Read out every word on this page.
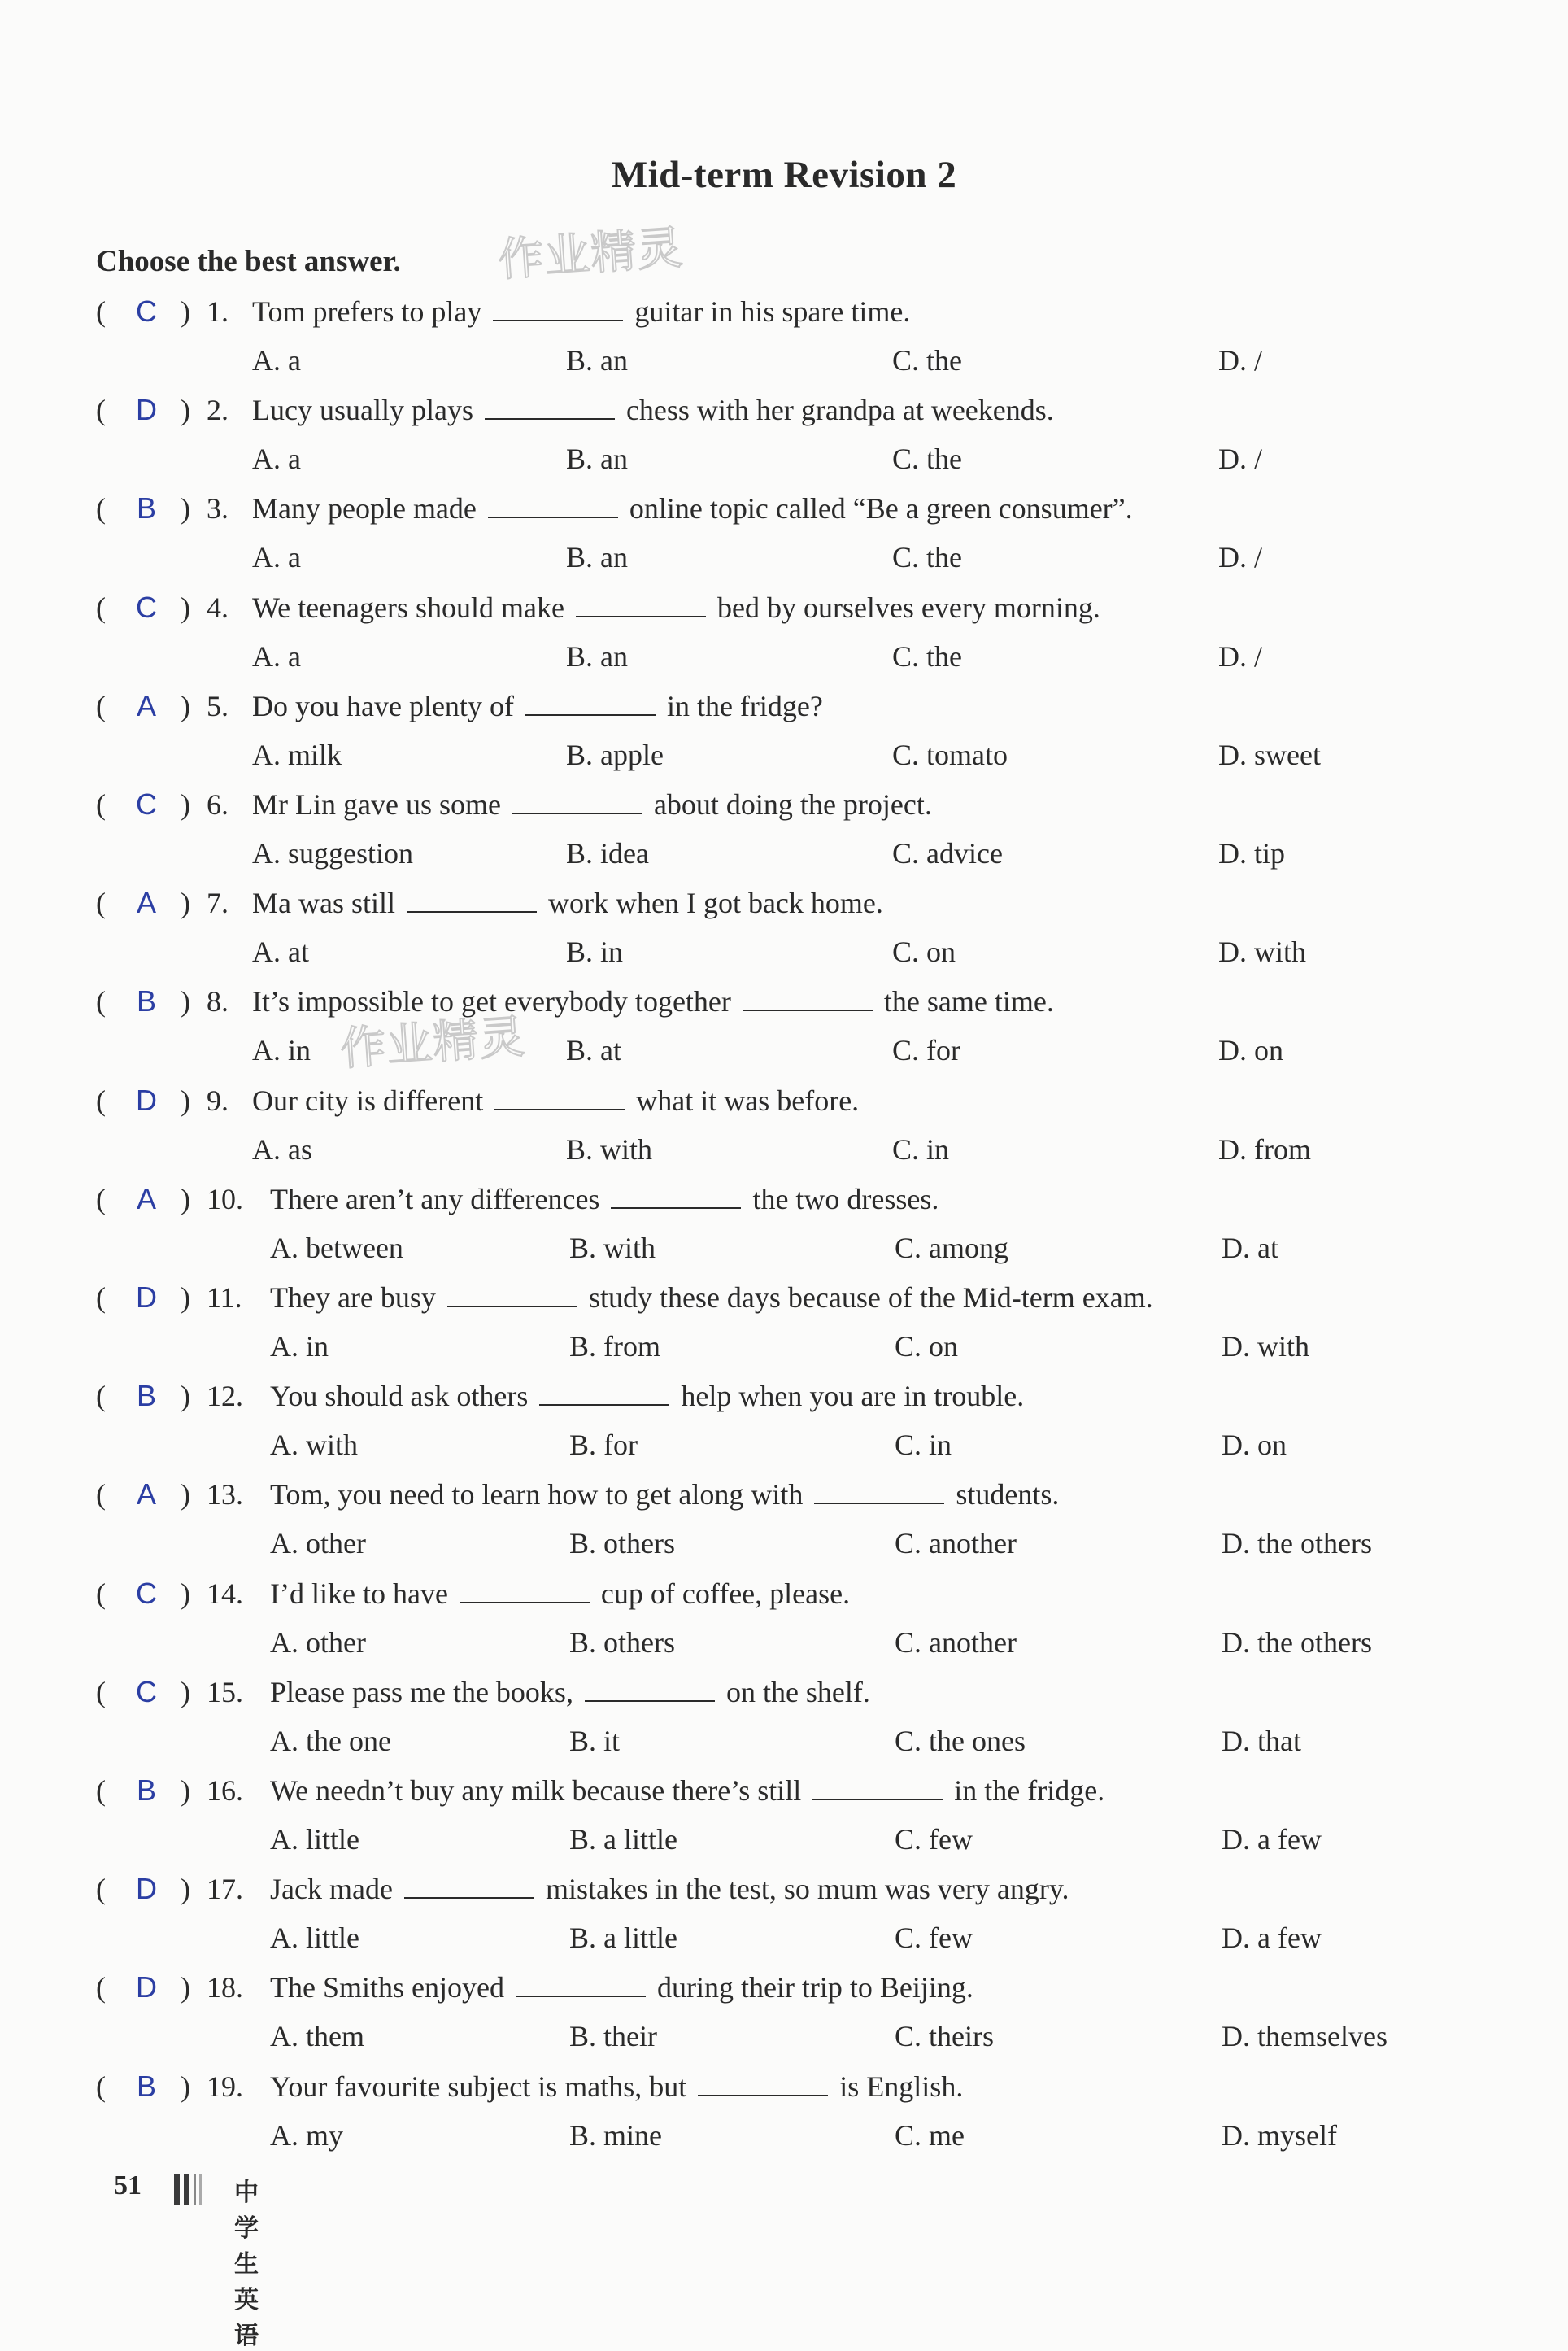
Mid-term Revision 2
Choose the best answer. 作业精灵
作业精灵
( C ) 1. Tom prefers to play	guitar in his spare time.
A. a	B. an	C. the	D. /
( D ) 2. Lucy usually plays	chess with her grandpa at weekends.
A. a	B. an	C. the	D. /
( B ) 3. Many people made	online topic called “Be a green consumer”.
A. a	B. an	C. the	D. /
( C ) 4. We teenagers should make	bed by ourselves every morning.
A. a	B. an	C. the	D. /
( A ) 5. Do you have plenty of	in the fridge?
A. milk	B. apple	C. tomato	D. sweet
( C ) 6. Mr Lin gave us some	about doing the project.
A. suggestion	B. idea	C. advice	D. tip
( A ) 7. Ma was still	work when I got back home.
A. at	B. in	C. on	D. with
( B ) 8. It’s impossible to get everybody together	the same time.
A. in	B. at	C. for	D. on
( D ) 9. Our city is different	what it was before.
A. as	B. with	C. in	D. from
( A ) 10. There aren’t any differences	the two dresses.
A. between	B. with	C. among	D. at
( D ) 11. They are busy	study these days because of the Mid-term exam.
A. in	B. from	C. on	D. with
( B ) 12. You should ask others	help when you are in trouble.
A. with	B. for	C. in	D. on
( A ) 13. Tom, you need to learn how to get along with	students.
A. other	B. others	C. another	D. the others
( C ) 14. I’d like to have	cup of coffee, please.
A. other	B. others	C. another	D. the others
( C ) 15. Please pass me the books,	on the shelf.
A. the one	B. it	C. the ones	D. that
( B ) 16. We needn’t buy any milk because there’s still	in the fridge.
A. little	B. a little	C. few	D. a few
( D ) 17. Jack made	mistakes in the test, so mum was very angry.
A. little	B. a little	C. few	D. a few
( D ) 18. The Smiths enjoyed	during their trip to Beijing.
A. them	B. their	C. theirs	D. themselves
( B ) 19. Your favourite subject is maths, but	is English.
A. my	B. mine	C. me	D. myself
51	中学生英语
